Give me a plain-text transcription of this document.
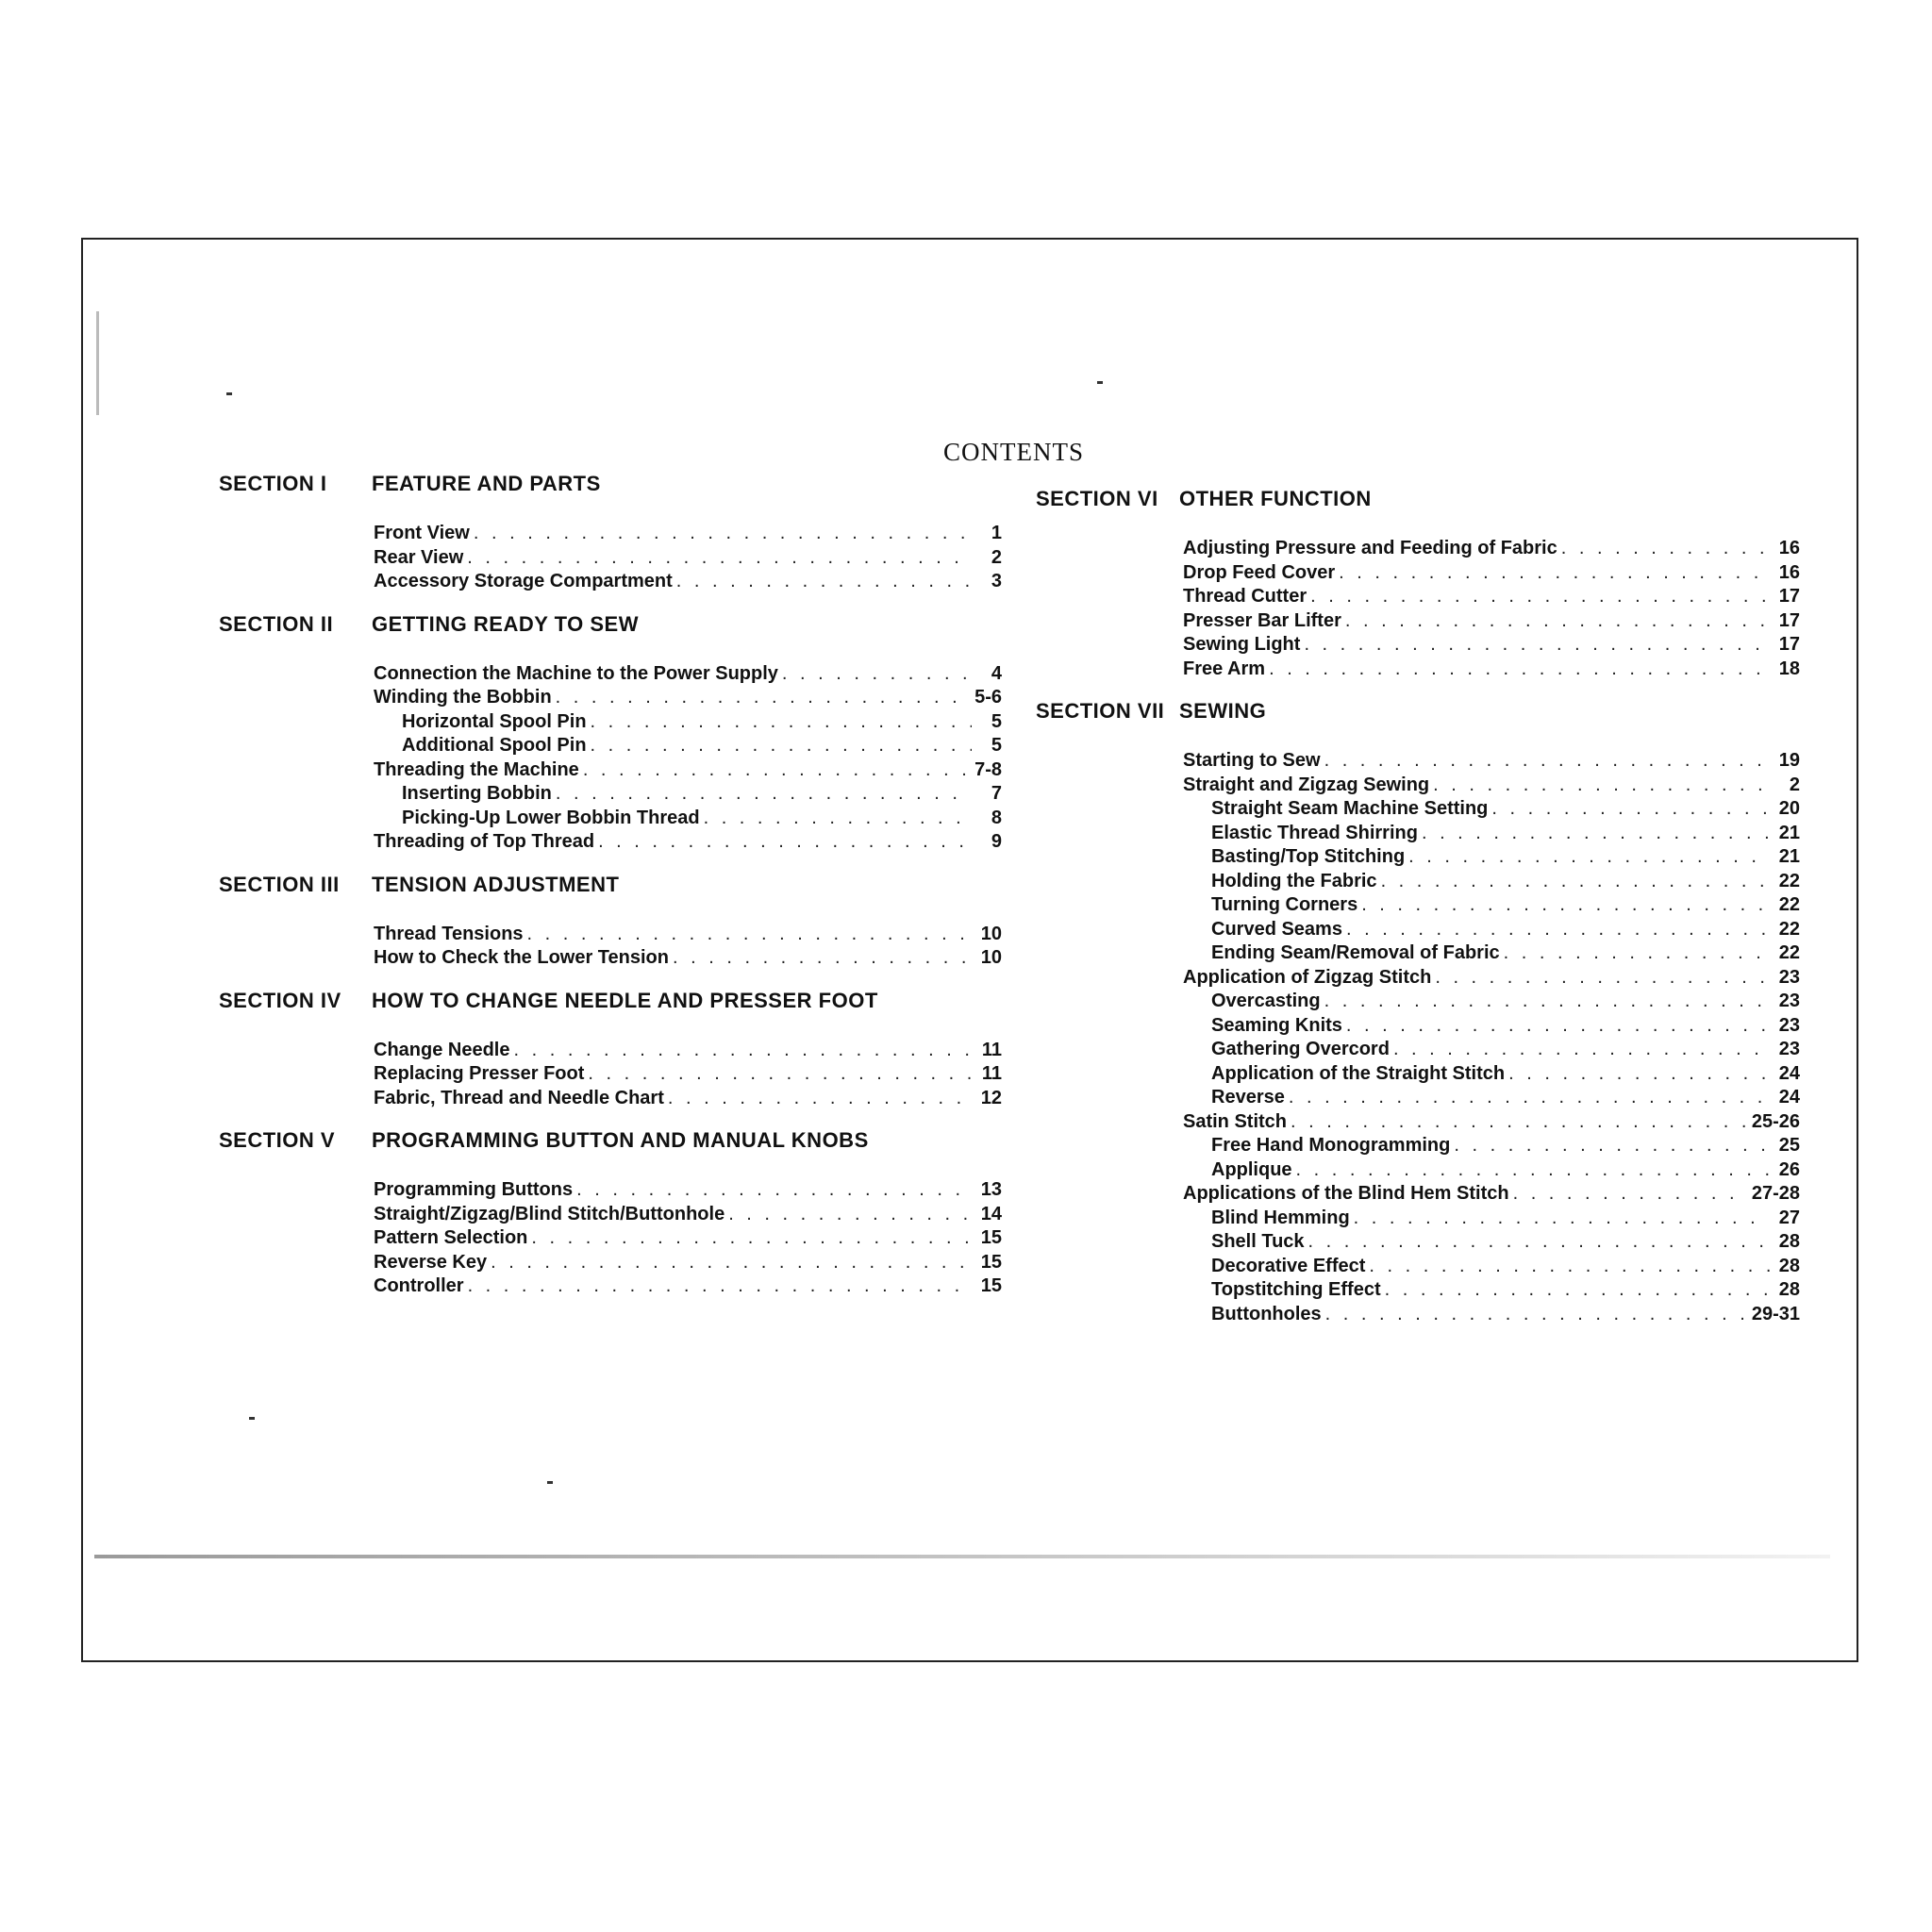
CONTENTS
SECTION I	FEATURE AND PARTS
Front View . . .	1
Rear View . . .	2
Accessory Storage Compartment . . .	3
SECTION II	GETTING READY TO SEW
Connection the Machine to the Power Supply . . .	4
Winding the Bobbin . . .	5-6
Horizontal Spool Pin . . .	5
Additional Spool Pin . . .	5
Threading the Machine . . .	7-8
Inserting Bobbin . . .	7
Picking-Up Lower Bobbin Thread . . .	8
Threading of Top Thread . . .	9
SECTION III	TENSION ADJUSTMENT
Thread Tensions . . .	10
How to Check the Lower Tension . . .	10
SECTION IV	HOW TO CHANGE NEEDLE AND PRESSER FOOT
Change Needle . . .	11
Replacing Presser Foot . . .	11
Fabric, Thread and Needle Chart . . .	12
SECTION V	PROGRAMMING BUTTON AND MANUAL KNOBS
Programming Buttons . . .	13
Straight/Zigzag/Blind Stitch/Buttonhole . . .	14
Pattern Selection . . .	15
Reverse Key . . .	15
Controller . . .	15
SECTION VI	OTHER FUNCTION
Adjusting Pressure and Feeding of Fabric . . .	16
Drop Feed Cover . . .	16
Thread Cutter . . .	17
Presser Bar Lifter . . .	17
Sewing Light . . .	17
Free Arm . . .	18
SECTION VII SEWING
Starting to Sew . . .	19
Straight and Zigzag Sewing . . .	2
Straight Seam Machine Setting . . .	20
Elastic Thread Shirring . . .	21
Basting/Top Stitching . . .	21
Holding the Fabric . . .	22
Turning Corners . . .	22
Curved Seams . . .	22
Ending Seam/Removal of Fabric . . .	22
Application of Zigzag Stitch . . .	23
Overcasting . . .	23
Seaming Knits . . .	23
Gathering Overcord . . .	23
Application of the Straight Stitch . . .	24
Reverse . . .	24
Satin Stitch . . .	25-26
Free Hand Monogramming . . .	25
Applique . . .	26
Applications of the Blind Hem Stitch . . .	27-28
Blind Hemming . . .	27
Shell Tuck . . .	28
Decorative Effect . . .	28
Topstitching Effect . . .	28
Buttonholes . . .	29-31
